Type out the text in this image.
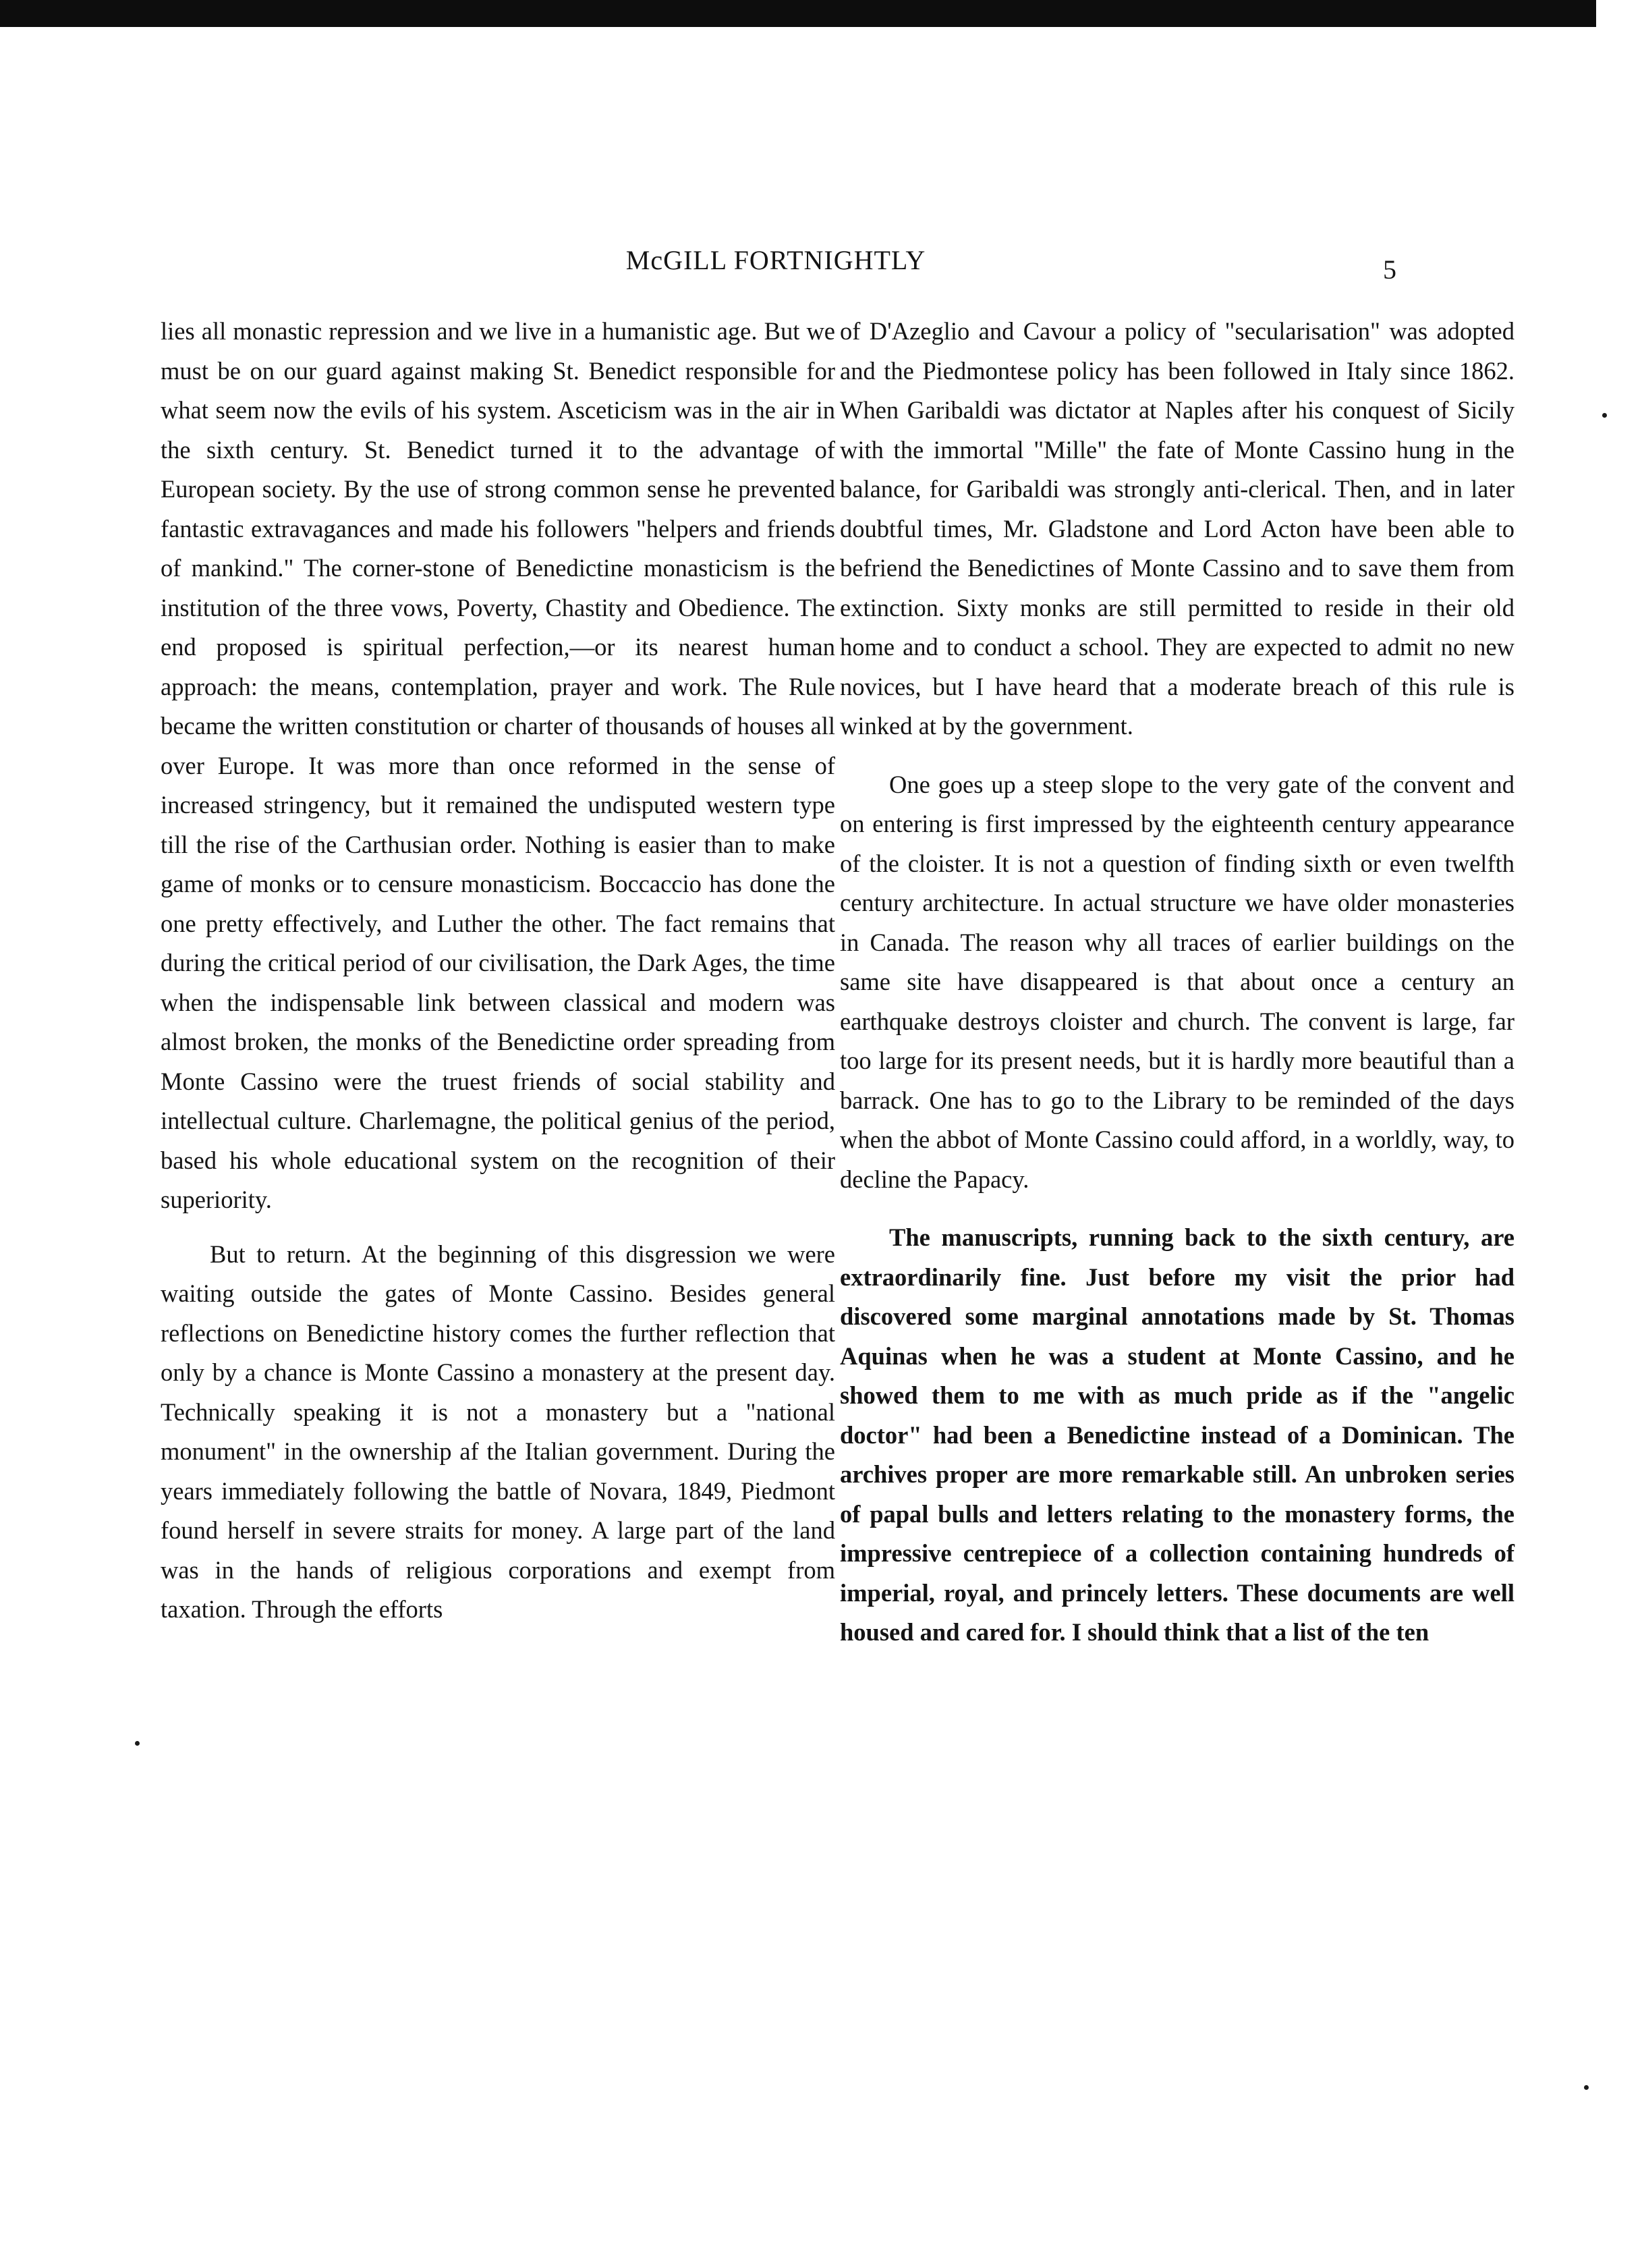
McGILL FORTNIGHTLY	5

lies all monastic repression and we live in a humanistic age. But we must be on our guard against making St. Benedict responsible for what seem now the evils of his system. Asceticism was in the air in the sixth century. St. Benedict turned it to the advantage of European society. By the use of strong common sense he prevented fantastic extravagances and made his followers "helpers and friends of mankind." The corner-stone of Benedictine monasticism is the institution of the three vows, Poverty, Chastity and Obedience. The end proposed is spiritual perfection,—or its nearest human approach: the means, contemplation, prayer and work. The Rule became the written constitution or charter of thousands of houses all over Europe. It was more than once reformed in the sense of increased stringency, but it remained the undisputed western type till the rise of the Carthusian order. Nothing is easier than to make game of monks or to censure monasticism. Boccaccio has done the one pretty effectively, and Luther the other. The fact remains that during the critical period of our civilisation, the Dark Ages, the time when the indispensable link between classical and modern was almost broken, the monks of the Benedictine order spreading from Monte Cassino were the truest friends of social stability and intellectual culture. Charlemagne, the political genius of the period, based his whole educational system on the recognition of their superiority.

But to return. At the beginning of this disgression we were waiting outside the gates of Monte Cassino. Besides general reflections on Benedictine history comes the further reflection that only by a chance is Monte Cassino a monastery at the present day. Technically speaking it is not a monastery but a "national monument" in the ownership af the Italian government. During the years immediately following the battle of Novara, 1849, Piedmont found herself in severe straits for money. A large part of the land was in the hands of religious corporations and exempt from taxation. Through the efforts

of D'Azeglio and Cavour a policy of "secularisation" was adopted and the Piedmontese policy has been followed in Italy since 1862. When Garibaldi was dictator at Naples after his conquest of Sicily with the immortal "Mille" the fate of Monte Cassino hung in the balance, for Garibaldi was strongly anti-clerical. Then, and in later doubtful times, Mr. Gladstone and Lord Acton have been able to befriend the Benedictines of Monte Cassino and to save them from extinction. Sixty monks are still permitted to reside in their old home and to conduct a school. They are expected to admit no new novices, but I have heard that a moderate breach of this rule is winked at by the government.

One goes up a steep slope to the very gate of the convent and on entering is first impressed by the eighteenth century appearance of the cloister. It is not a question of finding sixth or even twelfth century architecture. In actual structure we have older monasteries in Canada. The reason why all traces of earlier buildings on the same site have disappeared is that about once a century an earthquake destroys cloister and church. The convent is large, far too large for its present needs, but it is hardly more beautiful than a barrack. One has to go to the Library to be reminded of the days when the abbot of Monte Cassino could afford, in a worldly, way, to decline the Papacy.

The manuscripts, running back to the sixth century, are extraordinarily fine. Just before my visit the prior had discovered some marginal annotations made by St. Thomas Aquinas when he was a student at Monte Cassino, and he showed them to me with as much pride as if the "angelic doctor" had been a Benedictine instead of a Dominican. The archives proper are more remarkable still. An unbroken series of papal bulls and letters relating to the monastery forms, the impressive centrepiece of a collection containing hundreds of imperial, royal, and princely letters. These documents are well housed and cared for. I should think that a list of the ten
